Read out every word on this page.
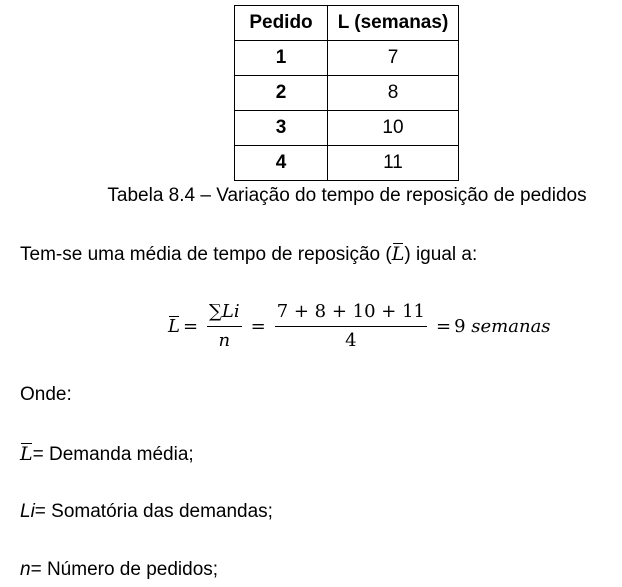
Pedido	L (semanas)
1	7
2	8
3	10
4	11
Tabela 8.4 – Variação do tempo de reposição de pedidos
Tem-se uma média de tempo de reposição (L) igual a:
$L = \frac{\sum Li}{n} = \frac{7 + 8 + 10 + 11}{4} = 9$
semanas
Onde:
L= Demanda média;
Li= Somatória das demandas;
n= Número de pedidos;
